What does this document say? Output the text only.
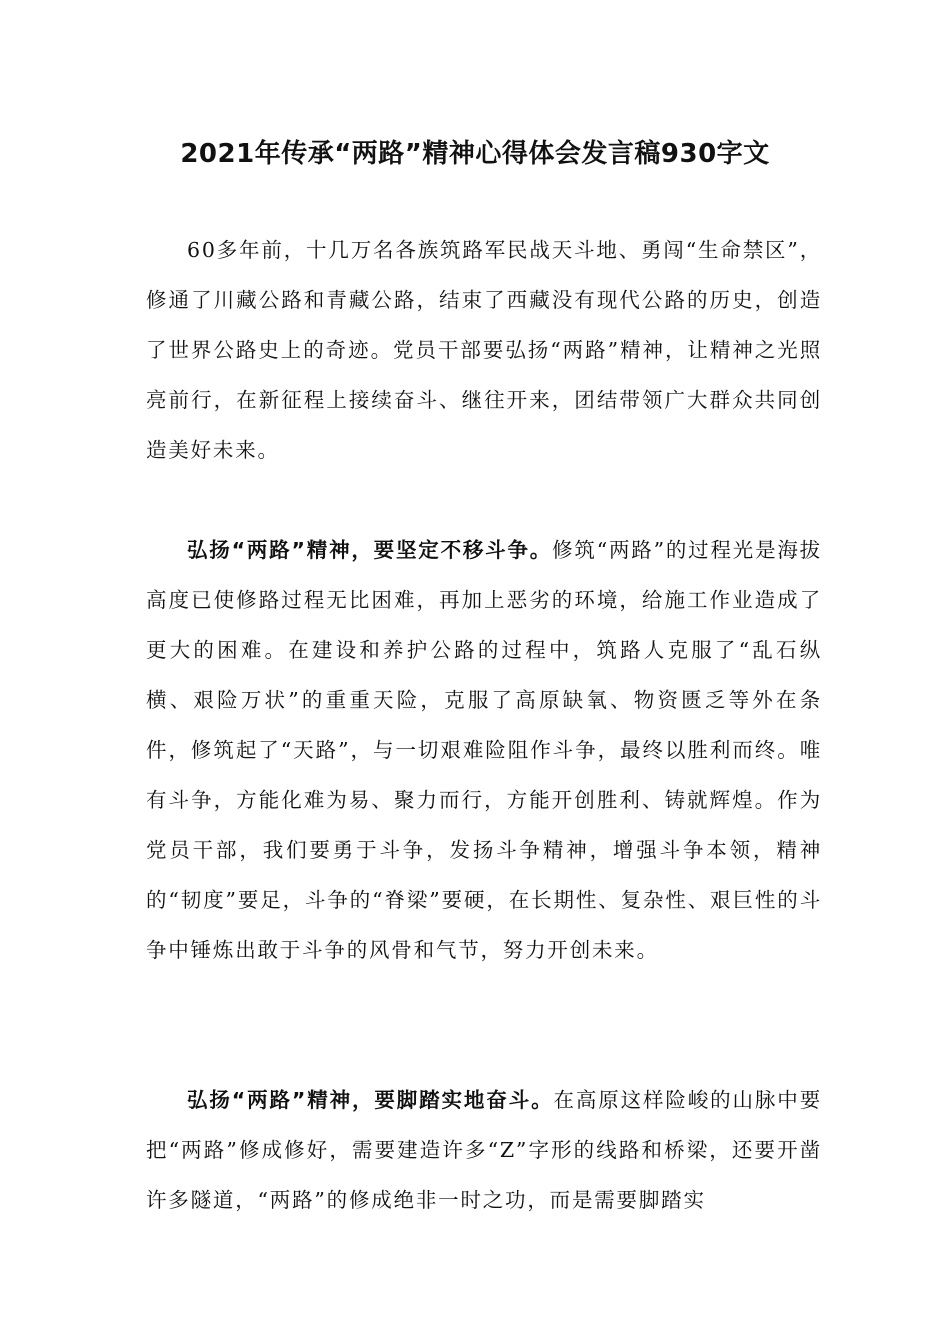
2021年传承“两路”精神心得体会发言稿930字文

60多年前，十几万名各族筑路军民战天斗地、勇闯“生命禁区”，修通了川藏公路和青藏公路，结束了西藏没有现代公路的历史，创造了世界公路史上的奇迹。党员干部要弘扬“两路”精神，让精神之光照亮前行，在新征程上接续奋斗、继往开来，团结带领广大群众共同创造美好未来。

弘扬“两路”精神，要坚定不移斗争。修筑“两路”的过程光是海拔高度已使修路过程无比困难，再加上恶劣的环境，给施工作业造成了更大的困难。在建设和养护公路的过程中，筑路人克服了“乱石纵横、艰险万状”的重重天险，克服了高原缺氧、物资匮乏等外在条件，修筑起了“天路”，与一切艰难险阻作斗争，最终以胜利而终。唯有斗争，方能化难为易、聚力而行，方能开创胜利、铸就辉煌。作为党员干部，我们要勇于斗争，发扬斗争精神，增强斗争本领，精神的“韧度”要足，斗争的“脊梁”要硬，在长期性、复杂性、艰巨性的斗争中锤炼出敢于斗争的风骨和气节，努力开创未来。

弘扬“两路”精神，要脚踏实地奋斗。在高原这样险峻的山脉中要把“两路”修成修好，需要建造许多“Z”字形的线路和桥梁，还要开凿许多隧道，“两路”的修成绝非一时之功，而是需要脚踏实
